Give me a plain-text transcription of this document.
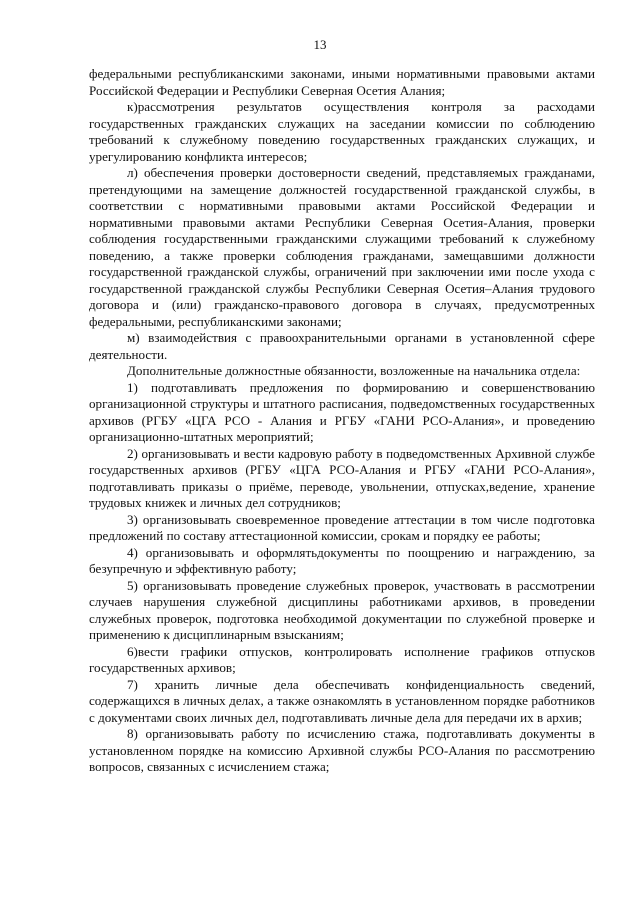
13

федеральными республиканскими законами, иными нормативными правовыми актами Российской Федерации и Республики Северная Осетия Алания;

к)рассмотрения результатов осуществления контроля за расходами государственных гражданских служащих на заседании комиссии по соблюдению требований к служебному поведению государственных гражданских служащих, и урегулированию конфликта интересов;

л) обеспечения проверки достоверности сведений, представляемых гражданами, претендующими на замещение должностей государственной гражданской службы, в соответствии с нормативными правовыми актами Российской Федерации и нормативными правовыми актами Республики Северная Осетия-Алания, проверки соблюдения государственными гражданскими служащими требований к служебному поведению, а также проверки соблюдения гражданами, замещавшими должности государственной гражданской службы, ограничений при заключении ими после ухода с государственной гражданской службы Республики Северная Осетия–Алания трудового договора и (или) гражданско-правового договора в случаях, предусмотренных федеральными, республиканскими законами;

м) взаимодействия с правоохранительными органами в установленной сфере деятельности.

Дополнительные должностные обязанности, возложенные на начальника отдела:

1) подготавливать предложения по формированию и совершенствованию организационной структуры и штатного расписания, подведомственных государственных архивов (РГБУ «ЦГА РСО - Алания и РГБУ «ГАНИ РСО-Алания», и проведению организационно-штатных мероприятий;

2) организовывать и вести кадровую работу в подведомственных Архивной службе государственных архивов (РГБУ «ЦГА РСО-Алания и РГБУ «ГАНИ РСО-Алания», подготавливать приказы о приёме, переводе, увольнении, отпусках,ведение, хранение трудовых книжек и личных дел сотрудников;

3) организовывать своевременное проведение аттестации в том числе подготовка предложений по составу аттестационной комиссии, срокам и порядку ее работы;

4) организовывать и оформлятьдокументы по поощрению и награждению, за безупречную и эффективную работу;

5) организовывать проведение служебных проверок, участвовать в рассмотрении случаев нарушения служебной дисциплины работниками архивов, в проведении служебных проверок, подготовка необходимой документации по служебной проверке и применению к дисциплинарным взысканиям;

6)вести графики отпусков, контролировать исполнение графиков отпусков государственных архивов;

7) хранить личные дела обеспечивать конфиденциальность сведений, содержащихся в личных делах, а также ознакомлять в установленном порядке работников с документами своих личных дел, подготавливать личные дела для передачи их в архив;

8) организовывать работу по исчислению стажа, подготавливать документы в установленном порядке на комиссию Архивной службы РСО-Алания по рассмотрению вопросов, связанных с исчислением стажа;
